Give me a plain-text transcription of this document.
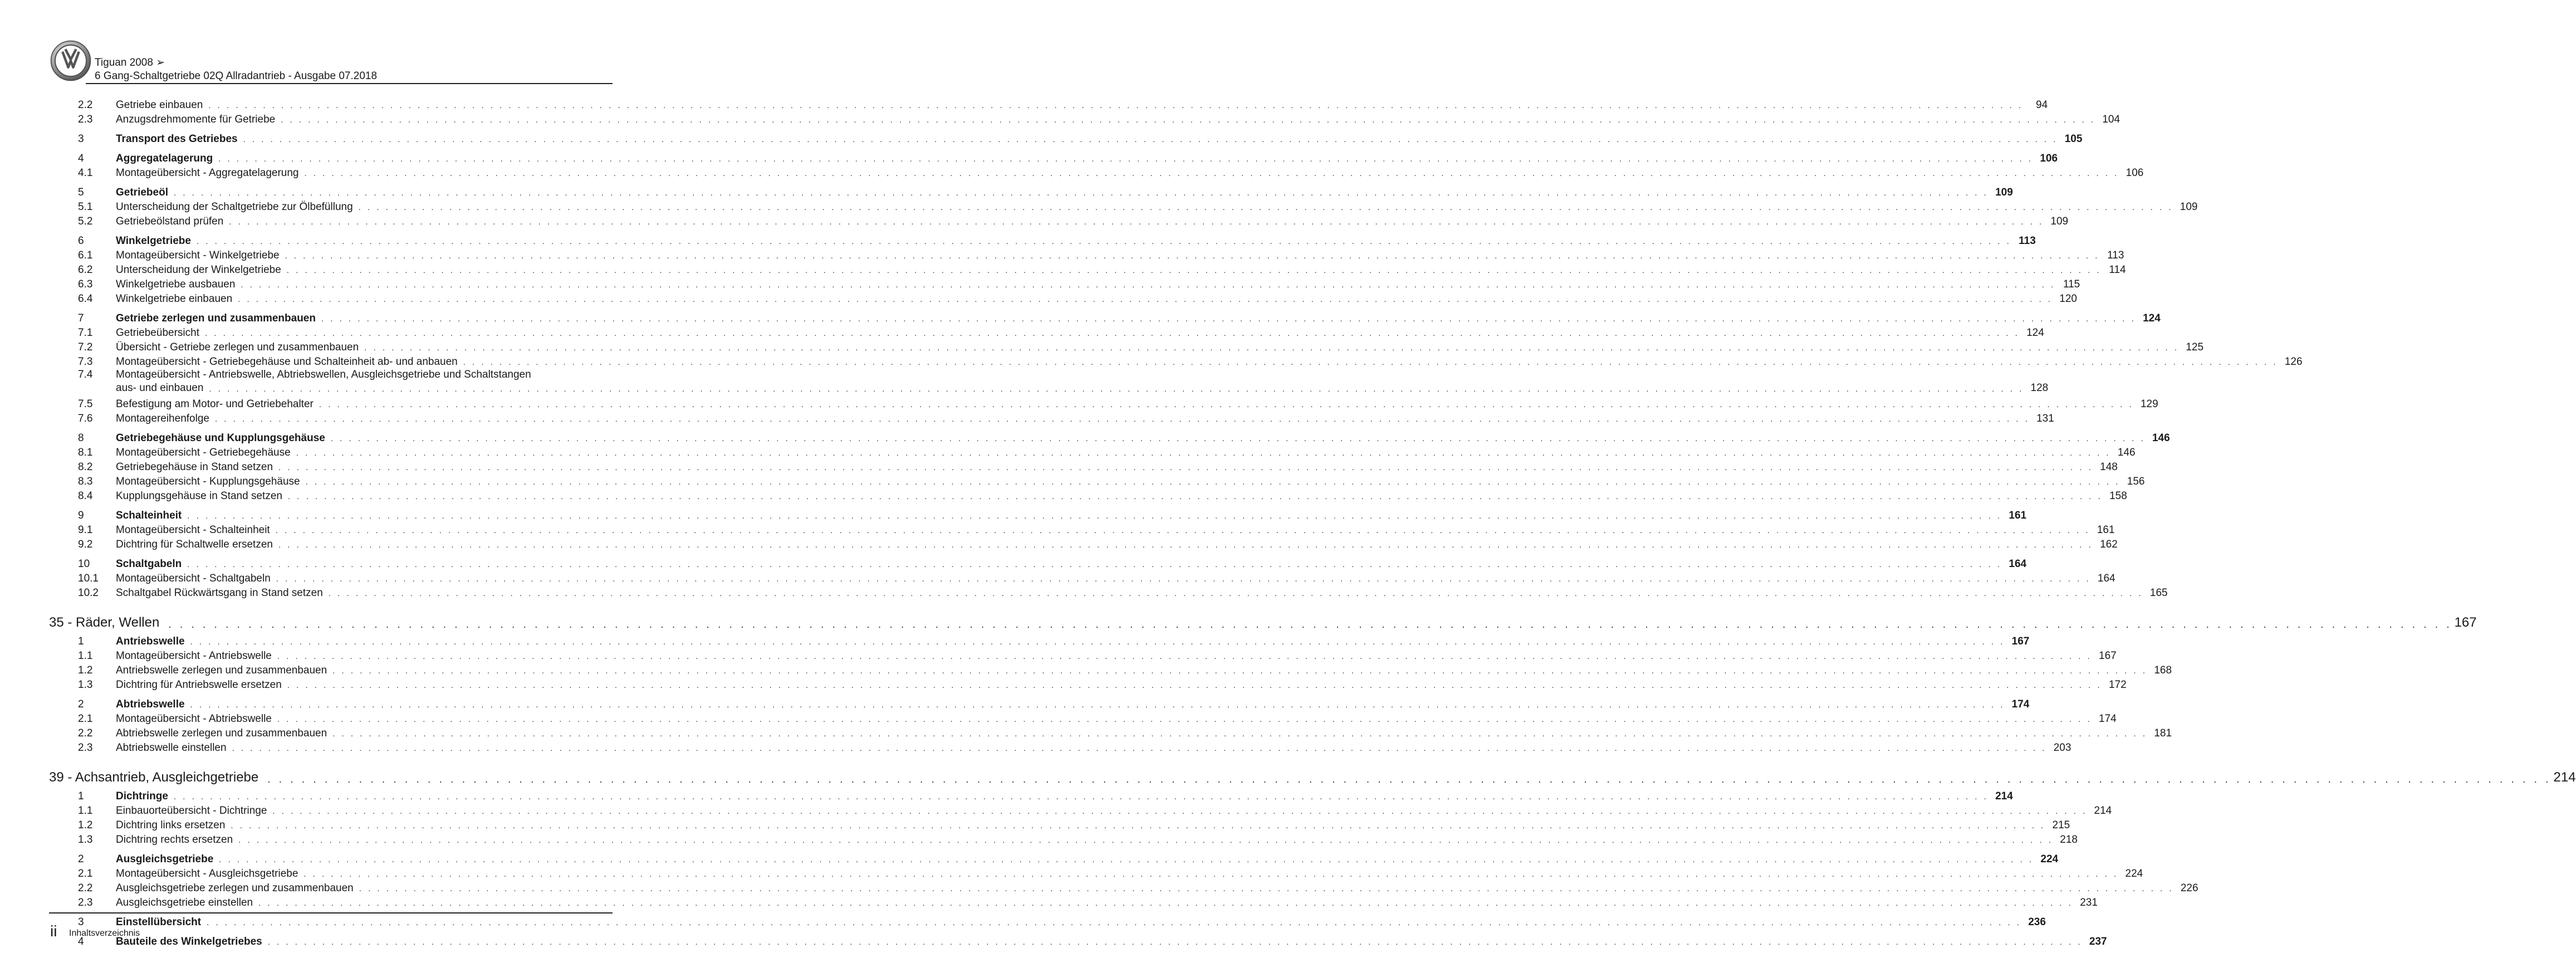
Tiguan 2008 ➢
6 Gang-Schaltgetriebe 02Q Allradantrieb - Ausgabe 07.2018
2.2	Getriebe einbauen . . . . . . . . . . . . . . . . . . . . . . . . . . . . . . . . . . . . . . . . . . . . . . . . . . . . . . . . . . . . . . . . . . . . . . . . . . . . . . . . . . . . . . . . . . . . . . . . . . . . . . . . . . . . . . . . . . . . . . . . . . . . . . . . . . . . . . . . . . . . . . . . . . . . . . . . . . . . . . . . . . . . . . . . . . . . . . . . . . . . . . . . . . . . . . . . . . . . . . . .	94
2.3	Anzugsdrehmomente für Getriebe . . . . . . . . . . . . . . . . . . . . . . . . . . . . . . . . . . . . . . . . . . . . . . . . . . . . . . . . . . . . . . . . . . . . . . . . . . . . . . . . . . . . . . . . . . . . . . . . . . . . . . . . . . . . . . . . . . . . . . . . . . . . . . . . . . . . . . . . . . . . . . . . . . . . . . . . . . . . . . . . . . . . . . . . . . . . . . . . . . . . . . . . . . . . . . . . . . . . . . . . 104
3	Transport des Getriebes . . . . . . . . . . . . . . . . . . . . . . . . . . . . . . . . . . . . . . . . . . . . . . . . . . . . . . . . . . . . . . . . . . . . . . . . . . . . . . . . . . . . . . . . . . . . . . . . . . . . . . . . . . . . . . . . . . . . . . . . . . . . . . . . . . . . . . . . . . . . . . . . . . . . . . . . . . . . . . . . . . . . . . . . . . . . . . . . . . . . . . . . . . . . . . . . . . . . . . . . 105
4	Aggregatelagerung . . . . . . . . . . . . . . . . . . . . . . . . . . . . . . . . . . . . . . . . . . . . . . . . . . . . . . . . . . . . . . . . . . . . . . . . . . . . . . . . . . . . . . . . . . . . . . . . . . . . . . . . . . . . . . . . . . . . . . . . . . . . . . . . . . . . . . . . . . . . . . . . . . . . . . . . . . . . . . . . . . . . . . . . . . . . . . . . . . . . . . . . . . . . . . . . . . . . . . . . 106
4.1	Montageübersicht - Aggregatelagerung . . . . . . . . . . . . . . . . . . . . . . . . . . . . . . . . . . . . . . . . . . . . . . . . . . . . . . . . . . . . . . . . . . . . . . . . . . . . . . . . . . . . . . . . . . . . . . . . . . . . . . . . . . . . . . . . . . . . . . . . . . . . . . . . . . . . . . . . . . . . . . . . . . . . . . . . . . . . . . . . . . . . . . . . . . . . . . . . . . . . . . . . . . . . . . . . . . . . . . . . 106
5	Getriebeöl . . . . . . . . . . . . . . . . . . . . . . . . . . . . . . . . . . . . . . . . . . . . . . . . . . . . . . . . . . . . . . . . . . . . . . . . . . . . . . . . . . . . . . . . . . . . . . . . . . . . . . . . . . . . . . . . . . . . . . . . . . . . . . . . . . . . . . . . . . . . . . . . . . . . . . . . . . . . . . . . . . . . . . . . . . . . . . . . . . . . . . . . . . . . . . . . . . . . . . . . 109
5.1	Unterscheidung der Schaltgetriebe zur Ölbefüllung . . . . . . . . . . . . . . . . . . . . . . . . . . . . . . . . . . . . . . . . . . . . . . . . . . . . . . . . . . . . . . . . . . . . . . . . . . . . . . . . . . . . . . . . . . . . . . . . . . . . . . . . . . . . . . . . . . . . . . . . . . . . . . . . . . . . . . . . . . . . . . . . . . . . . . . . . . . . . . . . . . . . . . . . . . . . . . . . . . . . . . . . . . . . . . . . . . . . . . . . 109
5.2	Getriebeölstand prüfen . . . . . . . . . . . . . . . . . . . . . . . . . . . . . . . . . . . . . . . . . . . . . . . . . . . . . . . . . . . . . . . . . . . . . . . . . . . . . . . . . . . . . . . . . . . . . . . . . . . . . . . . . . . . . . . . . . . . . . . . . . . . . . . . . . . . . . . . . . . . . . . . . . . . . . . . . . . . . . . . . . . . . . . . . . . . . . . . . . . . . . . . . . . . . . . . . . . . . . . . 109
6	Winkelgetriebe . . . . . . . . . . . . . . . . . . . . . . . . . . . . . . . . . . . . . . . . . . . . . . . . . . . . . . . . . . . . . . . . . . . . . . . . . . . . . . . . . . . . . . . . . . . . . . . . . . . . . . . . . . . . . . . . . . . . . . . . . . . . . . . . . . . . . . . . . . . . . . . . . . . . . . . . . . . . . . . . . . . . . . . . . . . . . . . . . . . . . . . . . . . . . . . . . . . . . . . . 113
6.1	Montageübersicht - Winkelgetriebe . . . . . . . . . . . . . . . . . . . . . . . . . . . . . . . . . . . . . . . . . . . . . . . . . . . . . . . . . . . . . . . . . . . . . . . . . . . . . . . . . . . . . . . . . . . . . . . . . . . . . . . . . . . . . . . . . . . . . . . . . . . . . . . . . . . . . . . . . . . . . . . . . . . . . . . . . . . . . . . . . . . . . . . . . . . . . . . . . . . . . . . . . . . . . . . . . . . . . . . . 113
6.2	Unterscheidung der Winkelgetriebe . . . . . . . . . . . . . . . . . . . . . . . . . . . . . . . . . . . . . . . . . . . . . . . . . . . . . . . . . . . . . . . . . . . . . . . . . . . . . . . . . . . . . . . . . . . . . . . . . . . . . . . . . . . . . . . . . . . . . . . . . . . . . . . . . . . . . . . . . . . . . . . . . . . . . . . . . . . . . . . . . . . . . . . . . . . . . . . . . . . . . . . . . . . . . . . . . . . . . . . . 114
6.3	Winkelgetriebe ausbauen . . . . . . . . . . . . . . . . . . . . . . . . . . . . . . . . . . . . . . . . . . . . . . . . . . . . . . . . . . . . . . . . . . . . . . . . . . . . . . . . . . . . . . . . . . . . . . . . . . . . . . . . . . . . . . . . . . . . . . . . . . . . . . . . . . . . . . . . . . . . . . . . . . . . . . . . . . . . . . . . . . . . . . . . . . . . . . . . . . . . . . . . . . . . . . . . . . . . . . . . 115
6.4	Winkelgetriebe einbauen . . . . . . . . . . . . . . . . . . . . . . . . . . . . . . . . . . . . . . . . . . . . . . . . . . . . . . . . . . . . . . . . . . . . . . . . . . . . . . . . . . . . . . . . . . . . . . . . . . . . . . . . . . . . . . . . . . . . . . . . . . . . . . . . . . . . . . . . . . . . . . . . . . . . . . . . . . . . . . . . . . . . . . . . . . . . . . . . . . . . . . . . . . . . . . . . . . . . . . . . 120
7	Getriebe zerlegen und zusammenbauen . . . . . . . . . . . . . . . . . . . . . . . . . . . . . . . . . . . . . . . . . . . . . . . . . . . . . . . . . . . . . . . . . . . . . . . . . . . . . . . . . . . . . . . . . . . . . . . . . . . . . . . . . . . . . . . . . . . . . . . . . . . . . . . . . . . . . . . . . . . . . . . . . . . . . . . . . . . . . . . . . . . . . . . . . . . . . . . . . . . . . . . . . . . . . . . . . . . . . . . . 124
7.1	Getriebeübersicht . . . . . . . . . . . . . . . . . . . . . . . . . . . . . . . . . . . . . . . . . . . . . . . . . . . . . . . . . . . . . . . . . . . . . . . . . . . . . . . . . . . . . . . . . . . . . . . . . . . . . . . . . . . . . . . . . . . . . . . . . . . . . . . . . . . . . . . . . . . . . . . . . . . . . . . . . . . . . . . . . . . . . . . . . . . . . . . . . . . . . . . . . . . . . . . . . . . . . . . . 124
7.2	Übersicht - Getriebe zerlegen und zusammenbauen . . . . . . . . . . . . . . . . . . . . . . . . . . . . . . . . . . . . . . . . . . . . . . . . . . . . . . . . . . . . . . . . . . . . . . . . . . . . . . . . . . . . . . . . . . . . . . . . . . . . . . . . . . . . . . . . . . . . . . . . . . . . . . . . . . . . . . . . . . . . . . . . . . . . . . . . . . . . . . . . . . . . . . . . . . . . . . . . . . . . . . . . . . . . . . . . . . . . . . . . 125
7.3	Montageübersicht - Getriebegehäuse und Schalteinheit ab- und anbauen . . . . . . . . . . . . . . . . . . . . . . . . . . . . . . . . . . . . . . . . . . . . . . . . . . . . . . . . . . . . . . . . . . . . . . . . . . . . . . . . . . . . . . . . . . . . . . . . . . . . . . . . . . . . . . . . . . . . . . . . . . . . . . . . . . . . . . . . . . . . . . . . . . . . . . . . . . . . . . . . . . . . . . . . . . . . . . . . . . . . . . . . . . . . . . . . . . . . . . . . 126
7.4	Montageübersicht - Antriebswelle, Abtriebswellen, Ausgleichsgetriebe und Schaltstangen
aus- und einbauen . . . . . . . . . . . . . . . . . . . . . . . . . . . . . . . . . . . . . . . . . . . . . . . . . . . . . . . . . . . . . . . . . . . . . . . . . . . . . . . . . . . . . . . . . . . . . . . . . . . . . . . . . . . . . . . . . . . . . . . . . . . . . . . . . . . . . . . . . . . . . . . . . . . . . . . . . . . . . . . . . . . . . . . . . . . . . . . . . . . . . . . . . . . . . . . . . . . . . . . . 128
7.5	Befestigung am Motor- und Getriebehalter . . . . . . . . . . . . . . . . . . . . . . . . . . . . . . . . . . . . . . . . . . . . . . . . . . . . . . . . . . . . . . . . . . . . . . . . . . . . . . . . . . . . . . . . . . . . . . . . . . . . . . . . . . . . . . . . . . . . . . . . . . . . . . . . . . . . . . . . . . . . . . . . . . . . . . . . . . . . . . . . . . . . . . . . . . . . . . . . . . . . . . . . . . . . . . . . . . . . . . . . 129
7.6	Montagereihenfolge . . . . . . . . . . . . . . . . . . . . . . . . . . . . . . . . . . . . . . . . . . . . . . . . . . . . . . . . . . . . . . . . . . . . . . . . . . . . . . . . . . . . . . . . . . . . . . . . . . . . . . . . . . . . . . . . . . . . . . . . . . . . . . . . . . . . . . . . . . . . . . . . . . . . . . . . . . . . . . . . . . . . . . . . . . . . . . . . . . . . . . . . . . . . . . . . . . . . . . . . 131
8	Getriebegehäuse und Kupplungsgehäuse . . . . . . . . . . . . . . . . . . . . . . . . . . . . . . . . . . . . . . . . . . . . . . . . . . . . . . . . . . . . . . . . . . . . . . . . . . . . . . . . . . . . . . . . . . . . . . . . . . . . . . . . . . . . . . . . . . . . . . . . . . . . . . . . . . . . . . . . . . . . . . . . . . . . . . . . . . . . . . . . . . . . . . . . . . . . . . . . . . . . . . . . . . . . . . . . . . . . . . . . 146
8.1	Montageübersicht - Getriebegehäuse . . . . . . . . . . . . . . . . . . . . . . . . . . . . . . . . . . . . . . . . . . . . . . . . . . . . . . . . . . . . . . . . . . . . . . . . . . . . . . . . . . . . . . . . . . . . . . . . . . . . . . . . . . . . . . . . . . . . . . . . . . . . . . . . . . . . . . . . . . . . . . . . . . . . . . . . . . . . . . . . . . . . . . . . . . . . . . . . . . . . . . . . . . . . . . . . . . . . . . . . 146
8.2	Getriebegehäuse in Stand setzen . . . . . . . . . . . . . . . . . . . . . . . . . . . . . . . . . . . . . . . . . . . . . . . . . . . . . . . . . . . . . . . . . . . . . . . . . . . . . . . . . . . . . . . . . . . . . . . . . . . . . . . . . . . . . . . . . . . . . . . . . . . . . . . . . . . . . . . . . . . . . . . . . . . . . . . . . . . . . . . . . . . . . . . . . . . . . . . . . . . . . . . . . . . . . . . . . . . . . . . . 148
8.3	Montageübersicht - Kupplungsgehäuse . . . . . . . . . . . . . . . . . . . . . . . . . . . . . . . . . . . . . . . . . . . . . . . . . . . . . . . . . . . . . . . . . . . . . . . . . . . . . . . . . . . . . . . . . . . . . . . . . . . . . . . . . . . . . . . . . . . . . . . . . . . . . . . . . . . . . . . . . . . . . . . . . . . . . . . . . . . . . . . . . . . . . . . . . . . . . . . . . . . . . . . . . . . . . . . . . . . . . . . . 156
8.4	Kupplungsgehäuse in Stand setzen . . . . . . . . . . . . . . . . . . . . . . . . . . . . . . . . . . . . . . . . . . . . . . . . . . . . . . . . . . . . . . . . . . . . . . . . . . . . . . . . . . . . . . . . . . . . . . . . . . . . . . . . . . . . . . . . . . . . . . . . . . . . . . . . . . . . . . . . . . . . . . . . . . . . . . . . . . . . . . . . . . . . . . . . . . . . . . . . . . . . . . . . . . . . . . . . . . . . . . . . 158
9	Schalteinheit . . . . . . . . . . . . . . . . . . . . . . . . . . . . . . . . . . . . . . . . . . . . . . . . . . . . . . . . . . . . . . . . . . . . . . . . . . . . . . . . . . . . . . . . . . . . . . . . . . . . . . . . . . . . . . . . . . . . . . . . . . . . . . . . . . . . . . . . . . . . . . . . . . . . . . . . . . . . . . . . . . . . . . . . . . . . . . . . . . . . . . . . . . . . . . . . . . . . . . . . 161
9.1	Montageübersicht - Schalteinheit . . . . . . . . . . . . . . . . . . . . . . . . . . . . . . . . . . . . . . . . . . . . . . . . . . . . . . . . . . . . . . . . . . . . . . . . . . . . . . . . . . . . . . . . . . . . . . . . . . . . . . . . . . . . . . . . . . . . . . . . . . . . . . . . . . . . . . . . . . . . . . . . . . . . . . . . . . . . . . . . . . . . . . . . . . . . . . . . . . . . . . . . . . . . . . . . . . . . . . . . 161
9.2	Dichtring für Schaltwelle ersetzen . . . . . . . . . . . . . . . . . . . . . . . . . . . . . . . . . . . . . . . . . . . . . . . . . . . . . . . . . . . . . . . . . . . . . . . . . . . . . . . . . . . . . . . . . . . . . . . . . . . . . . . . . . . . . . . . . . . . . . . . . . . . . . . . . . . . . . . . . . . . . . . . . . . . . . . . . . . . . . . . . . . . . . . . . . . . . . . . . . . . . . . . . . . . . . . . . . . . . . . . 162
10	Schaltgabeln . . . . . . . . . . . . . . . . . . . . . . . . . . . . . . . . . . . . . . . . . . . . . . . . . . . . . . . . . . . . . . . . . . . . . . . . . . . . . . . . . . . . . . . . . . . . . . . . . . . . . . . . . . . . . . . . . . . . . . . . . . . . . . . . . . . . . . . . . . . . . . . . . . . . . . . . . . . . . . . . . . . . . . . . . . . . . . . . . . . . . . . . . . . . . . . . . . . . . . . . 164
10.1	Montageübersicht - Schaltgabeln . . . . . . . . . . . . . . . . . . . . . . . . . . . . . . . . . . . . . . . . . . . . . . . . . . . . . . . . . . . . . . . . . . . . . . . . . . . . . . . . . . . . . . . . . . . . . . . . . . . . . . . . . . . . . . . . . . . . . . . . . . . . . . . . . . . . . . . . . . . . . . . . . . . . . . . . . . . . . . . . . . . . . . . . . . . . . . . . . . . . . . . . . . . . . . . . . . . . . . . . 164
10.2	Schaltgabel Rückwärtsgang in Stand setzen . . . . . . . . . . . . . . . . . . . . . . . . . . . . . . . . . . . . . . . . . . . . . . . . . . . . . . . . . . . . . . . . . . . . . . . . . . . . . . . . . . . . . . . . . . . . . . . . . . . . . . . . . . . . . . . . . . . . . . . . . . . . . . . . . . . . . . . . . . . . . . . . . . . . . . . . . . . . . . . . . . . . . . . . . . . . . . . . . . . . . . . . . . . . . . . . . . . . . . . . 165
35 - Räder, Wellen . . . . . . . . . . . . . . . . . . . . . . . . . . . . . . . . . . . . . . . . . . . . . . . . . . . . . . . . . . . . . . . . . . . . . . . . . . . . . . . . . . . . . . . . . . . . . . . . . . . . . . . . . . . . . . . . . . . . . . . . . . . . . . . . . . . . . . . . . . . . . . . . . . . . . . . . . . . . . . . . . . . . . . . . . . . . . . . . . . . . . . . . . . . . . . . . . . . . . . . . 167
1	Antriebswelle . . . . . . . . . . . . . . . . . . . . . . . . . . . . . . . . . . . . . . . . . . . . . . . . . . . . . . . . . . . . . . . . . . . . . . . . . . . . . . . . . . . . . . . . . . . . . . . . . . . . . . . . . . . . . . . . . . . . . . . . . . . . . . . . . . . . . . . . . . . . . . . . . . . . . . . . . . . . . . . . . . . . . . . . . . . . . . . . . . . . . . . . . . . . . . . . . . . . . . . . 167
1.1	Montageübersicht - Antriebswelle . . . . . . . . . . . . . . . . . . . . . . . . . . . . . . . . . . . . . . . . . . . . . . . . . . . . . . . . . . . . . . . . . . . . . . . . . . . . . . . . . . . . . . . . . . . . . . . . . . . . . . . . . . . . . . . . . . . . . . . . . . . . . . . . . . . . . . . . . . . . . . . . . . . . . . . . . . . . . . . . . . . . . . . . . . . . . . . . . . . . . . . . . . . . . . . . . . . . . . . . 167
1.2	Antriebswelle zerlegen und zusammenbauen . . . . . . . . . . . . . . . . . . . . . . . . . . . . . . . . . . . . . . . . . . . . . . . . . . . . . . . . . . . . . . . . . . . . . . . . . . . . . . . . . . . . . . . . . . . . . . . . . . . . . . . . . . . . . . . . . . . . . . . . . . . . . . . . . . . . . . . . . . . . . . . . . . . . . . . . . . . . . . . . . . . . . . . . . . . . . . . . . . . . . . . . . . . . . . . . . . . . . . . . 168
1.3	Dichtring für Antriebswelle ersetzen . . . . . . . . . . . . . . . . . . . . . . . . . . . . . . . . . . . . . . . . . . . . . . . . . . . . . . . . . . . . . . . . . . . . . . . . . . . . . . . . . . . . . . . . . . . . . . . . . . . . . . . . . . . . . . . . . . . . . . . . . . . . . . . . . . . . . . . . . . . . . . . . . . . . . . . . . . . . . . . . . . . . . . . . . . . . . . . . . . . . . . . . . . . . . . . . . . . . . . . . 172
2	Abtriebswelle . . . . . . . . . . . . . . . . . . . . . . . . . . . . . . . . . . . . . . . . . . . . . . . . . . . . . . . . . . . . . . . . . . . . . . . . . . . . . . . . . . . . . . . . . . . . . . . . . . . . . . . . . . . . . . . . . . . . . . . . . . . . . . . . . . . . . . . . . . . . . . . . . . . . . . . . . . . . . . . . . . . . . . . . . . . . . . . . . . . . . . . . . . . . . . . . . . . . . . . . 174
2.1	Montageübersicht - Abtriebswelle . . . . . . . . . . . . . . . . . . . . . . . . . . . . . . . . . . . . . . . . . . . . . . . . . . . . . . . . . . . . . . . . . . . . . . . . . . . . . . . . . . . . . . . . . . . . . . . . . . . . . . . . . . . . . . . . . . . . . . . . . . . . . . . . . . . . . . . . . . . . . . . . . . . . . . . . . . . . . . . . . . . . . . . . . . . . . . . . . . . . . . . . . . . . . . . . . . . . . . . . 174
2.2	Abtriebswelle zerlegen und zusammenbauen . . . . . . . . . . . . . . . . . . . . . . . . . . . . . . . . . . . . . . . . . . . . . . . . . . . . . . . . . . . . . . . . . . . . . . . . . . . . . . . . . . . . . . . . . . . . . . . . . . . . . . . . . . . . . . . . . . . . . . . . . . . . . . . . . . . . . . . . . . . . . . . . . . . . . . . . . . . . . . . . . . . . . . . . . . . . . . . . . . . . . . . . . . . . . . . . . . . . . . . . 181
2.3	Abtriebswelle einstellen . . . . . . . . . . . . . . . . . . . . . . . . . . . . . . . . . . . . . . . . . . . . . . . . . . . . . . . . . . . . . . . . . . . . . . . . . . . . . . . . . . . . . . . . . . . . . . . . . . . . . . . . . . . . . . . . . . . . . . . . . . . . . . . . . . . . . . . . . . . . . . . . . . . . . . . . . . . . . . . . . . . . . . . . . . . . . . . . . . . . . . . . . . . . . . . . . . . . . . . . 203
39 - Achsantrieb, Ausgleichgetriebe . . . . . . . . . . . . . . . . . . . . . . . . . . . . . . . . . . . . . . . . . . . . . . . . . . . . . . . . . . . . . . . . . . . . . . . . . . . . . . . . . . . . . . . . . . . . . . . . . . . . . . . . . . . . . . . . . . . . . . . . . . . . . . . . . . . . . . . . . . . . . . . . . . . . . . . . . . . . . . . . . . . . . . . . . . . . . . . . . . . . . . . . . . . . . . . . . . . . . . . . 214
1	Dichtringe . . . . . . . . . . . . . . . . . . . . . . . . . . . . . . . . . . . . . . . . . . . . . . . . . . . . . . . . . . . . . . . . . . . . . . . . . . . . . . . . . . . . . . . . . . . . . . . . . . . . . . . . . . . . . . . . . . . . . . . . . . . . . . . . . . . . . . . . . . . . . . . . . . . . . . . . . . . . . . . . . . . . . . . . . . . . . . . . . . . . . . . . . . . . . . . . . . . . . . . . 214
1.1	Einbauorteübersicht - Dichtringe . . . . . . . . . . . . . . . . . . . . . . . . . . . . . . . . . . . . . . . . . . . . . . . . . . . . . . . . . . . . . . . . . . . . . . . . . . . . . . . . . . . . . . . . . . . . . . . . . . . . . . . . . . . . . . . . . . . . . . . . . . . . . . . . . . . . . . . . . . . . . . . . . . . . . . . . . . . . . . . . . . . . . . . . . . . . . . . . . . . . . . . . . . . . . . . . . . . . . . . . 214
1.2	Dichtring links ersetzen . . . . . . . . . . . . . . . . . . . . . . . . . . . . . . . . . . . . . . . . . . . . . . . . . . . . . . . . . . . . . . . . . . . . . . . . . . . . . . . . . . . . . . . . . . . . . . . . . . . . . . . . . . . . . . . . . . . . . . . . . . . . . . . . . . . . . . . . . . . . . . . . . . . . . . . . . . . . . . . . . . . . . . . . . . . . . . . . . . . . . . . . . . . . . . . . . . . . . . . . 215
1.3	Dichtring rechts ersetzen . . . . . . . . . . . . . . . . . . . . . . . . . . . . . . . . . . . . . . . . . . . . . . . . . . . . . . . . . . . . . . . . . . . . . . . . . . . . . . . . . . . . . . . . . . . . . . . . . . . . . . . . . . . . . . . . . . . . . . . . . . . . . . . . . . . . . . . . . . . . . . . . . . . . . . . . . . . . . . . . . . . . . . . . . . . . . . . . . . . . . . . . . . . . . . . . . . . . . . . . 218
2	Ausgleichsgetriebe . . . . . . . . . . . . . . . . . . . . . . . . . . . . . . . . . . . . . . . . . . . . . . . . . . . . . . . . . . . . . . . . . . . . . . . . . . . . . . . . . . . . . . . . . . . . . . . . . . . . . . . . . . . . . . . . . . . . . . . . . . . . . . . . . . . . . . . . . . . . . . . . . . . . . . . . . . . . . . . . . . . . . . . . . . . . . . . . . . . . . . . . . . . . . . . . . . . . . . . . 224
2.1	Montageübersicht - Ausgleichsgetriebe . . . . . . . . . . . . . . . . . . . . . . . . . . . . . . . . . . . . . . . . . . . . . . . . . . . . . . . . . . . . . . . . . . . . . . . . . . . . . . . . . . . . . . . . . . . . . . . . . . . . . . . . . . . . . . . . . . . . . . . . . . . . . . . . . . . . . . . . . . . . . . . . . . . . . . . . . . . . . . . . . . . . . . . . . . . . . . . . . . . . . . . . . . . . . . . . . . . . . . . . 224
2.2	Ausgleichsgetriebe zerlegen und zusammenbauen . . . . . . . . . . . . . . . . . . . . . . . . . . . . . . . . . . . . . . . . . . . . . . . . . . . . . . . . . . . . . . . . . . . . . . . . . . . . . . . . . . . . . . . . . . . . . . . . . . . . . . . . . . . . . . . . . . . . . . . . . . . . . . . . . . . . . . . . . . . . . . . . . . . . . . . . . . . . . . . . . . . . . . . . . . . . . . . . . . . . . . . . . . . . . . . . . . . . . . . . 226
2.3	Ausgleichsgetriebe einstellen . . . . . . . . . . . . . . . . . . . . . . . . . . . . . . . . . . . . . . . . . . . . . . . . . . . . . . . . . . . . . . . . . . . . . . . . . . . . . . . . . . . . . . . . . . . . . . . . . . . . . . . . . . . . . . . . . . . . . . . . . . . . . . . . . . . . . . . . . . . . . . . . . . . . . . . . . . . . . . . . . . . . . . . . . . . . . . . . . . . . . . . . . . . . . . . . . . . . . . . . 231
3	Einstellübersicht . . . . . . . . . . . . . . . . . . . . . . . . . . . . . . . . . . . . . . . . . . . . . . . . . . . . . . . . . . . . . . . . . . . . . . . . . . . . . . . . . . . . . . . . . . . . . . . . . . . . . . . . . . . . . . . . . . . . . . . . . . . . . . . . . . . . . . . . . . . . . . . . . . . . . . . . . . . . . . . . . . . . . . . . . . . . . . . . . . . . . . . . . . . . . . . . . . . . . . . . 236
4	Bauteile des Winkelgetriebes . . . . . . . . . . . . . . . . . . . . . . . . . . . . . . . . . . . . . . . . . . . . . . . . . . . . . . . . . . . . . . . . . . . . . . . . . . . . . . . . . . . . . . . . . . . . . . . . . . . . . . . . . . . . . . . . . . . . . . . . . . . . . . . . . . . . . . . . . . . . . . . . . . . . . . . . . . . . . . . . . . . . . . . . . . . . . . . . . . . . . . . . . . . . . . . . . . . . . . . . 237
ii Inhaltsverzeichnis
